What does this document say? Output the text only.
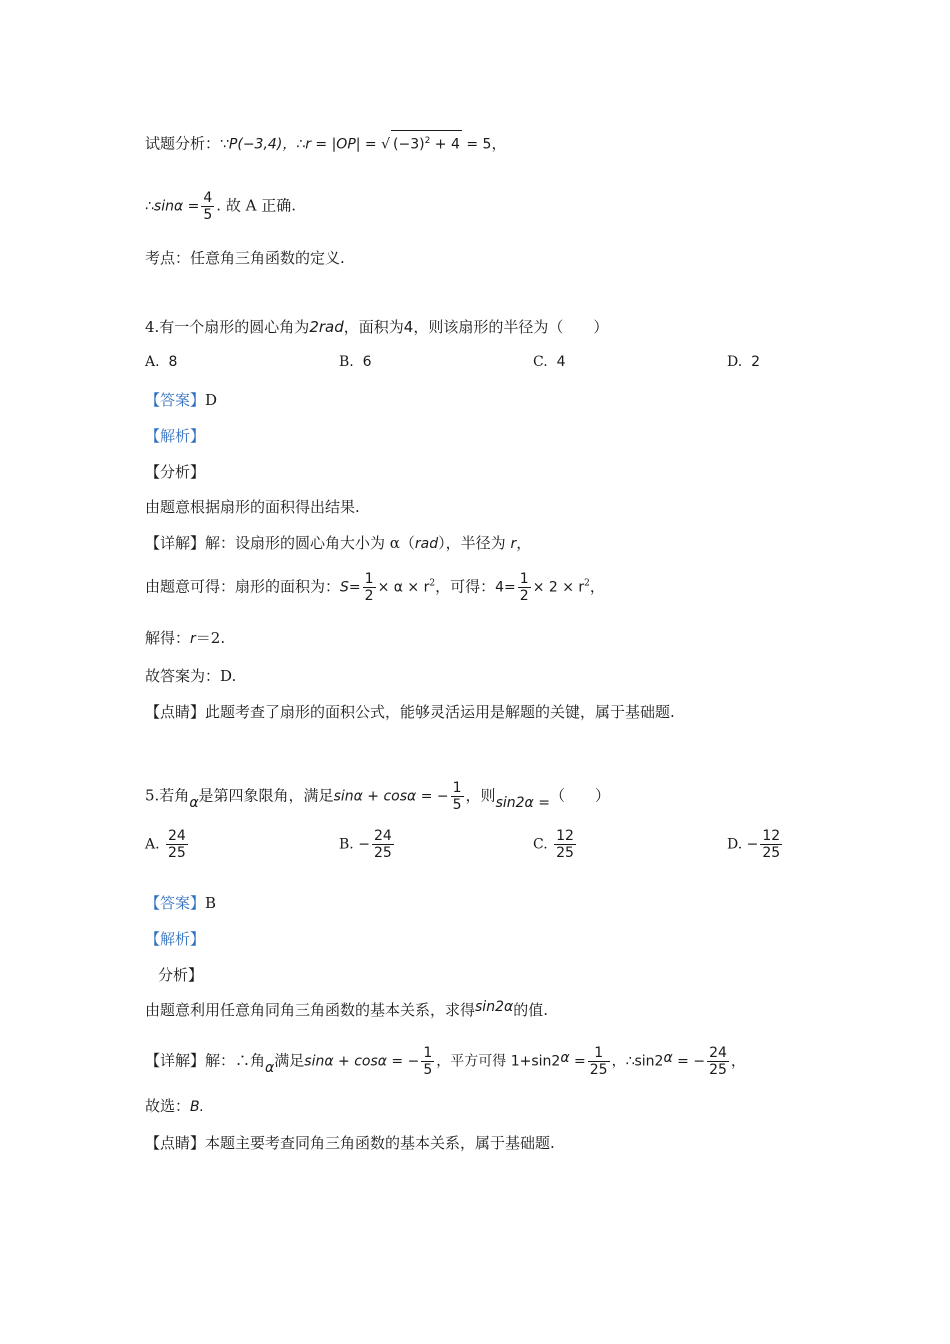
试题分析：∵P(−3,4)，∴r = |OP| = √ $(-3)^2 + 4 = 5$，
∴sinα = $\frac{4}{5}$ . 故 A 正确.
考点：任意角三角函数的定义.
4.有一个扇形的圆心角为2rad，面积为4，则该扇形的半径为（　　）
A. 8	B. 6	C. 4	D. 2
【答案】D
【解析】
【分析】
由题意根据扇形的面积得出结果.
【详解】解：设扇形的圆心角大小为 α（rad），半径为 r，
由题意可得：扇形的面积为：$S= \frac{1}{2} \times \alpha \times r^2$，可得：$4= \frac{1}{2} \times 2 \times r^2$，
解得：r＝2.
故答案为：D.
【点睛】此题考查了扇形的面积公式，能够灵活运用是解题的关键，属于基础题.
5.若角α是第四象限角，满足sinα + cosα = − $\frac{1}{5}$ ，则sin2α =（　　）
A. $\frac{24}{25}$	B. − $\frac{24}{25}$	C. $\frac{12}{25}$	D. − $\frac{12}{25}$
【答案】B
【解析】
分析】
由题意利用任意角同角三角函数的基本关系，求得sin2α的值.
【详解】解：∴角α满足sinα + cosα = − $\frac{1}{5}$ ，平方可得 $1+\sin 2\alpha = \frac{1}{25}$ ，∴sin2α = − $\frac{24}{25}$ ，
故选：B.
【点睛】本题主要考查同角三角函数的基本关系，属于基础题.
